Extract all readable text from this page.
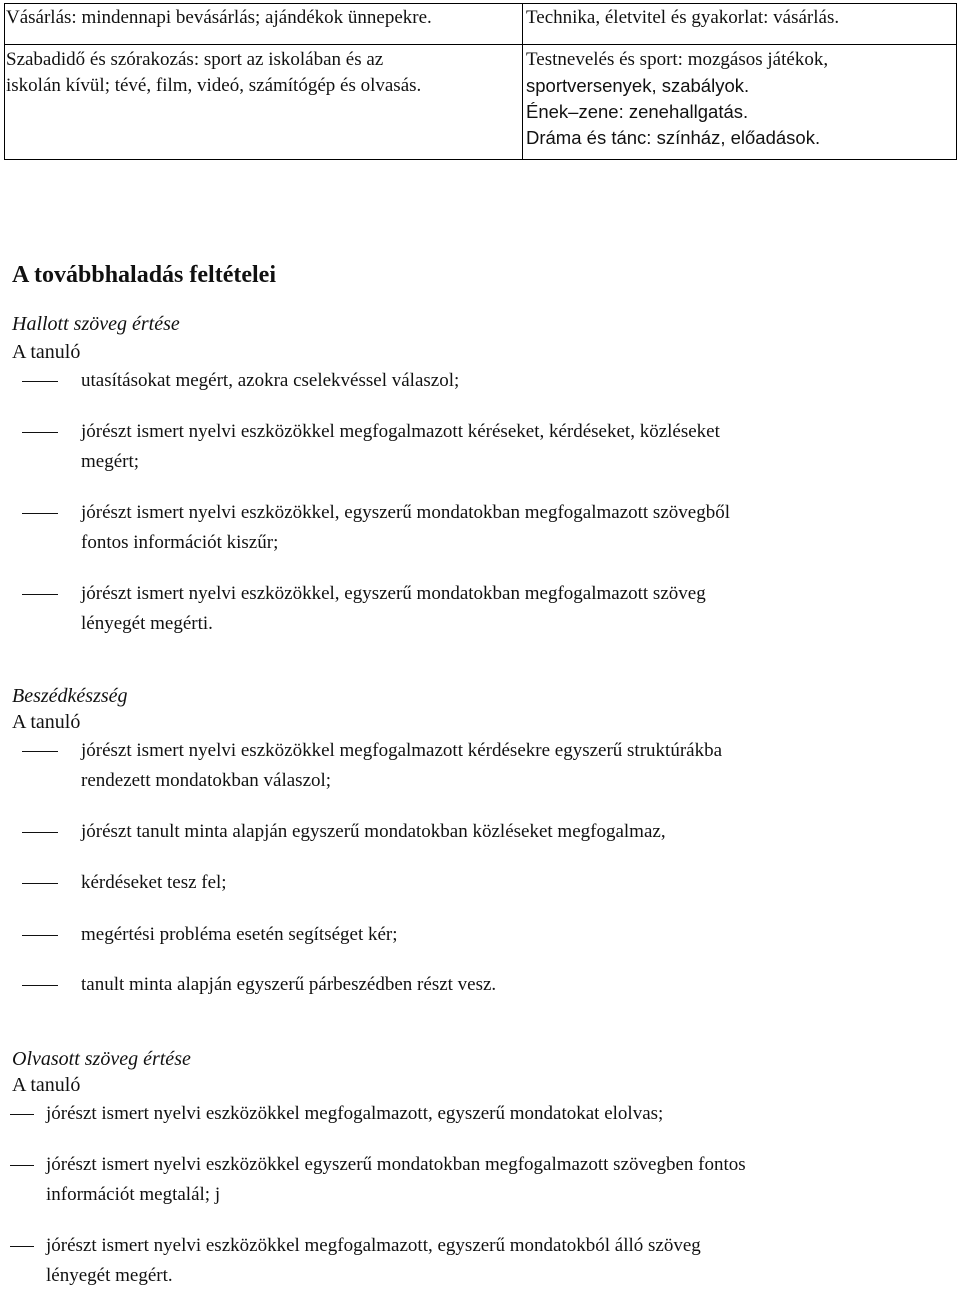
Vásárlás: mindennapi bevásárlás; ajándékok ünnepekre.	Technika, életvitel és gyakorlat: vásárlás.
Szabadidő és szórakozás: sport az iskolában és az
iskolán kívül; tévé, film, videó, számítógép és olvasás.
Testnevelés és sport: mozgásos játékok,
sportversenyek, szabályok.
Ének–zene: zenehallgatás.
Dráma és tánc: színház, előadások.
A továbbhaladás feltételei

Hallott szöveg értése

A tanuló

utasításokat megért, azokra cselekvéssel válaszol;
jórészt ismert nyelvi eszközökkel megfogalmazott kéréseket, kérdéseket, közléseket
megért;
jórészt ismert nyelvi eszközökkel, egyszerű mondatokban megfogalmazott szövegből
fontos információt kiszűr;
jórészt ismert nyelvi eszközökkel, egyszerű mondatokban megfogalmazott szöveg
lényegét megérti.

Beszédkészség

A tanuló

jórészt ismert nyelvi eszközökkel megfogalmazott kérdésekre egyszerű struktúrákba
rendezett mondatokban válaszol;
jórészt tanult minta alapján egyszerű mondatokban közléseket megfogalmaz,
kérdéseket tesz fel;
megértési probléma esetén segítséget kér;
tanult minta alapján egyszerű párbeszédben részt vesz.

Olvasott szöveg értése

A tanuló

jórészt ismert nyelvi eszközökkel megfogalmazott, egyszerű mondatokat elolvas;
jórészt ismert nyelvi eszközökkel egyszerű mondatokban megfogalmazott szövegben fontos
információt megtalál; j
jórészt ismert nyelvi eszközökkel megfogalmazott, egyszerű mondatokból álló szöveg
lényegét megért.
